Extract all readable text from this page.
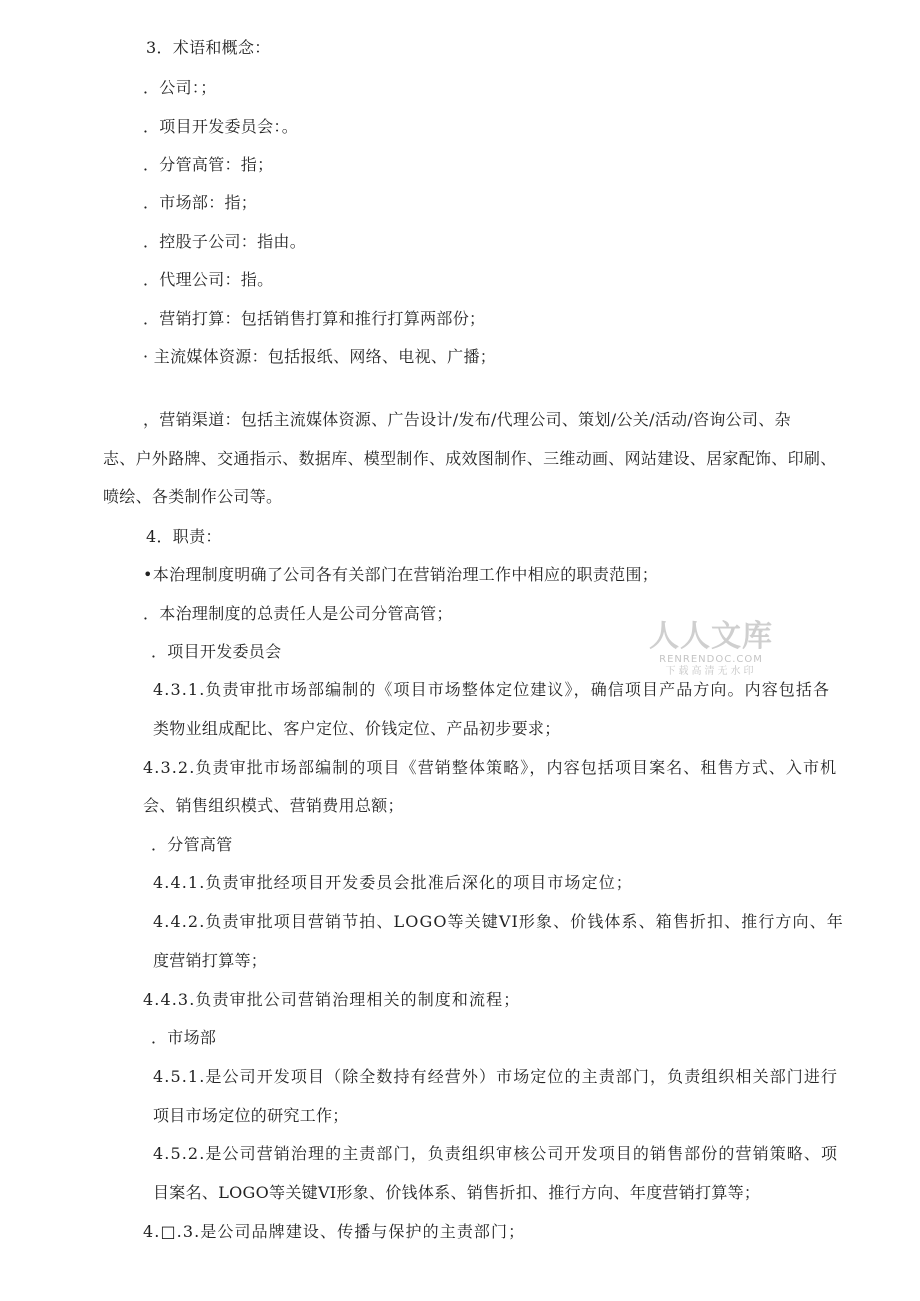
3．术语和概念：
．公司：；
．项目开发委员会：。
．分管高管：指；
．市场部：指；
．控股子公司：指由。
．代理公司：指。
．营销打算：包括销售打算和推行打算两部份；
· 主流媒体资源：包括报纸、网络、电视、广播；
，营销渠道：包括主流媒体资源、广告设计/发布/代理公司、策划/公关/活动/咨询公司、杂
志、户外路牌、交通指示、数据库、模型制作、成效图制作、三维动画、网站建设、居家配饰、印刷、
喷绘、各类制作公司等。
4．职责：
•本治理制度明确了公司各有关部门在营销治理工作中相应的职责范围；
．本治理制度的总责任人是公司分管高管；
．项目开发委员会
4.3.1.负责审批市场部编制的《项目市场整体定位建议》，确信项目产品方向。内容包括各
类物业组成配比、客户定位、价钱定位、产品初步要求；
4.3.2.负责审批市场部编制的项目《营销整体策略》，内容包括项目案名、租售方式、入市机
会、销售组织模式、营销费用总额；
．分管高管
4.4.1.负责审批经项目开发委员会批准后深化的项目市场定位；
4.4.2.负责审批项目营销节拍、LOGO等关键VI形象、价钱体系、箱售折扣、推行方向、年
度营销打算等；
4.4.3.负责审批公司营销治理相关的制度和流程；
．市场部
4.5.1.是公司开发项目（除全数持有经营外）市场定位的主责部门，负责组织相关部门进行
项目市场定位的研究工作；
4.5.2.是公司营销治理的主责部门，负责组织审核公司开发项目的销售部份的营销策略、项
目案名、LOGO等关键VI形象、价钱体系、销售折扣、推行方向、年度营销打算等；
4.□.3.是公司品牌建设、传播与保护的主责部门；
人人文库
RENRENDOC.COM
下载高清无水印
